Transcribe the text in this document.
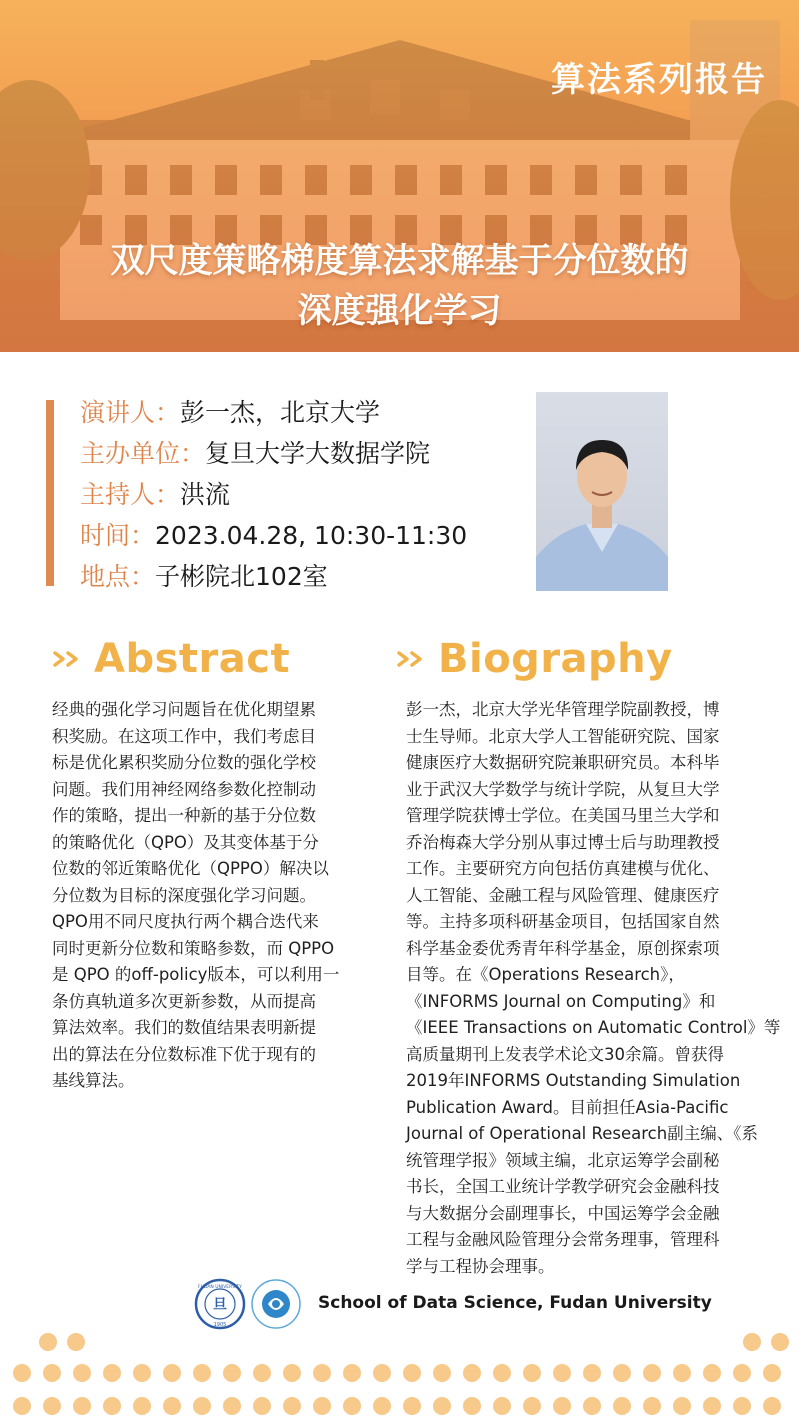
算法系列报告
双尺度策略梯度算法求解基于分位数的
深度强化学习
演讲人：彭一杰，北京大学
主办单位：复旦大学大数据学院
主持人：洪流
时间：2023.04.28, 10:30-11:30
地点：子彬院北102室
Abstract
经典的强化学习问题旨在优化期望累
积奖励。在这项工作中，我们考虑目
标是优化累积奖励分位数的强化学校
问题。我们用神经网络参数化控制动
作的策略，提出一种新的基于分位数
的策略优化（QPO）及其变体基于分
位数的邻近策略优化（QPPO）解决以
分位数为目标的深度强化学习问题。
QPO用不同尺度执行两个耦合迭代来
同时更新分位数和策略参数，而 QPPO
是 QPO 的off-policy版本，可以利用一
条仿真轨道多次更新参数，从而提高
算法效率。我们的数值结果表明新提
出的算法在分位数标准下优于现有的
基线算法。
Biography
彭一杰，北京大学光华管理学院副教授，博
士生导师。北京大学人工智能研究院、国家
健康医疗大数据研究院兼职研究员。本科毕
业于武汉大学数学与统计学院，从复旦大学
管理学院获博士学位。在美国马里兰大学和
乔治梅森大学分别从事过博士后与助理教授
工作。主要研究方向包括仿真建模与优化、
人工智能、金融工程与风险管理、健康医疗
等。主持多项科研基金项目，包括国家自然
科学基金委优秀青年科学基金，原创探索项
目等。在《Operations Research》，
《INFORMS Journal on Computing》和
《IEEE Transactions on Automatic Control》等
高质量期刊上发表学术论文30余篇。曾获得
2019年INFORMS Outstanding Simulation
Publication Award。目前担任Asia-Pacific
Journal of Operational Research副主编、《系
统管理学报》领域主编，北京运筹学会副秘
书长，全国工业统计学教学研究会金融科技
与大数据分会副理事长，中国运筹学会金融
工程与金融风险管理分会常务理事，管理科
学与工程协会理事。
旦
FUDAN UNIVERSITY
1905
School of Data Science, Fudan University
